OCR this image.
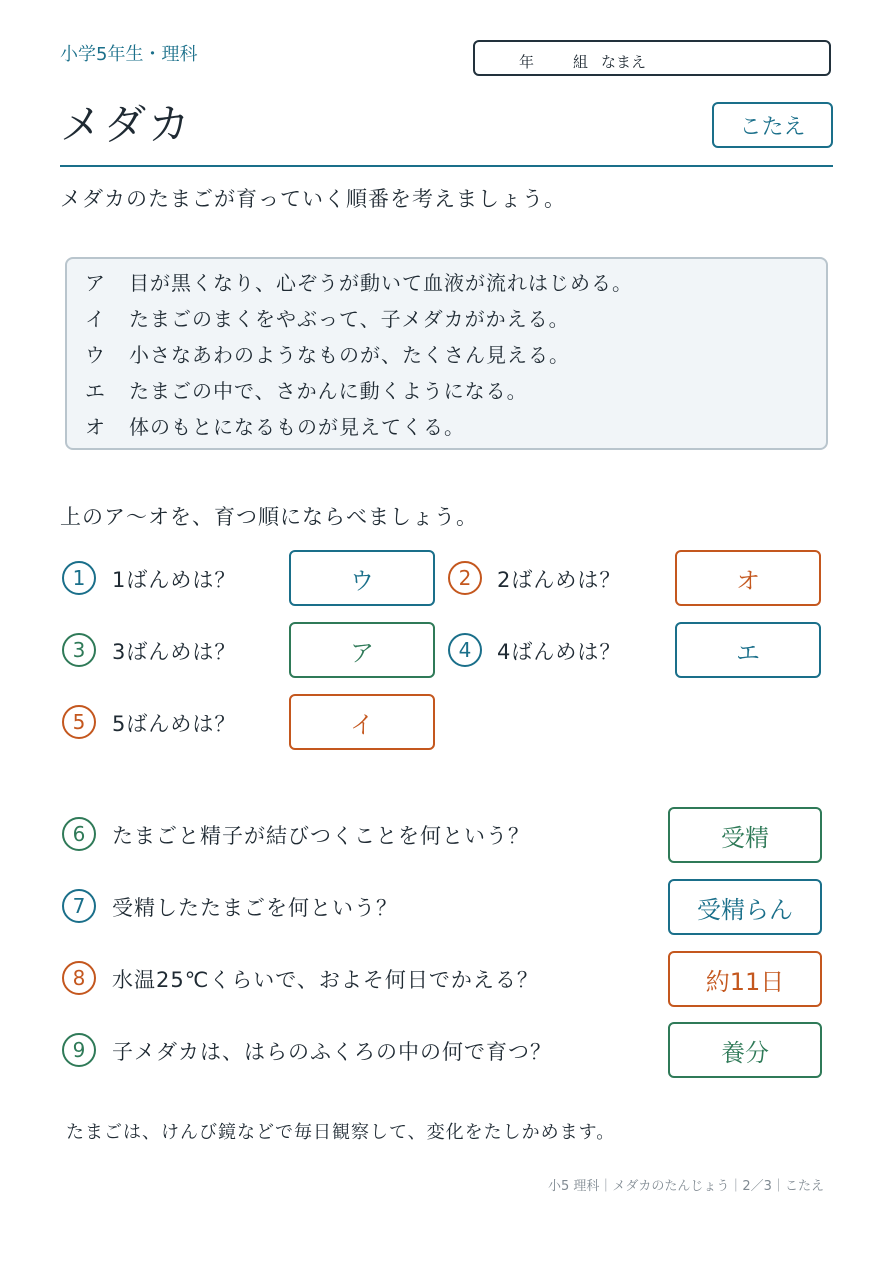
小学5年生・理科	年	組 なまえ
メダカ	こたえ
メダカのたまごが育っていく順番を考えましょう。
ア 目が黒くなり、心ぞうが動いて血液が流れはじめる。
イ たまごのまくをやぶって、子メダカがかえる。
ウ 小さなあわのようなものが、たくさん見える。
エ たまごの中で、さかんに動くようになる。
オ 体のもとになるものが見えてくる。
上のア〜オを、育つ順にならべましょう。
1	1ばんめは？	ウ	2	2ばんめは？	オ
3	3ばんめは？	ア	4	4ばんめは？	エ
5	5ばんめは？	イ
6	たまごと精子が結びつくことを何という？	受精
7	受精したたまごを何という？	受精らん
8	水温25℃くらいで、およそ何日でかえる？	約11日
9	子メダカは、はらのふくろの中の何で育つ？	養分
たまごは、けんび鏡などで毎日観察して、変化をたしかめます。
小5 理科｜メダカのたんじょう｜2／3｜こたえ
